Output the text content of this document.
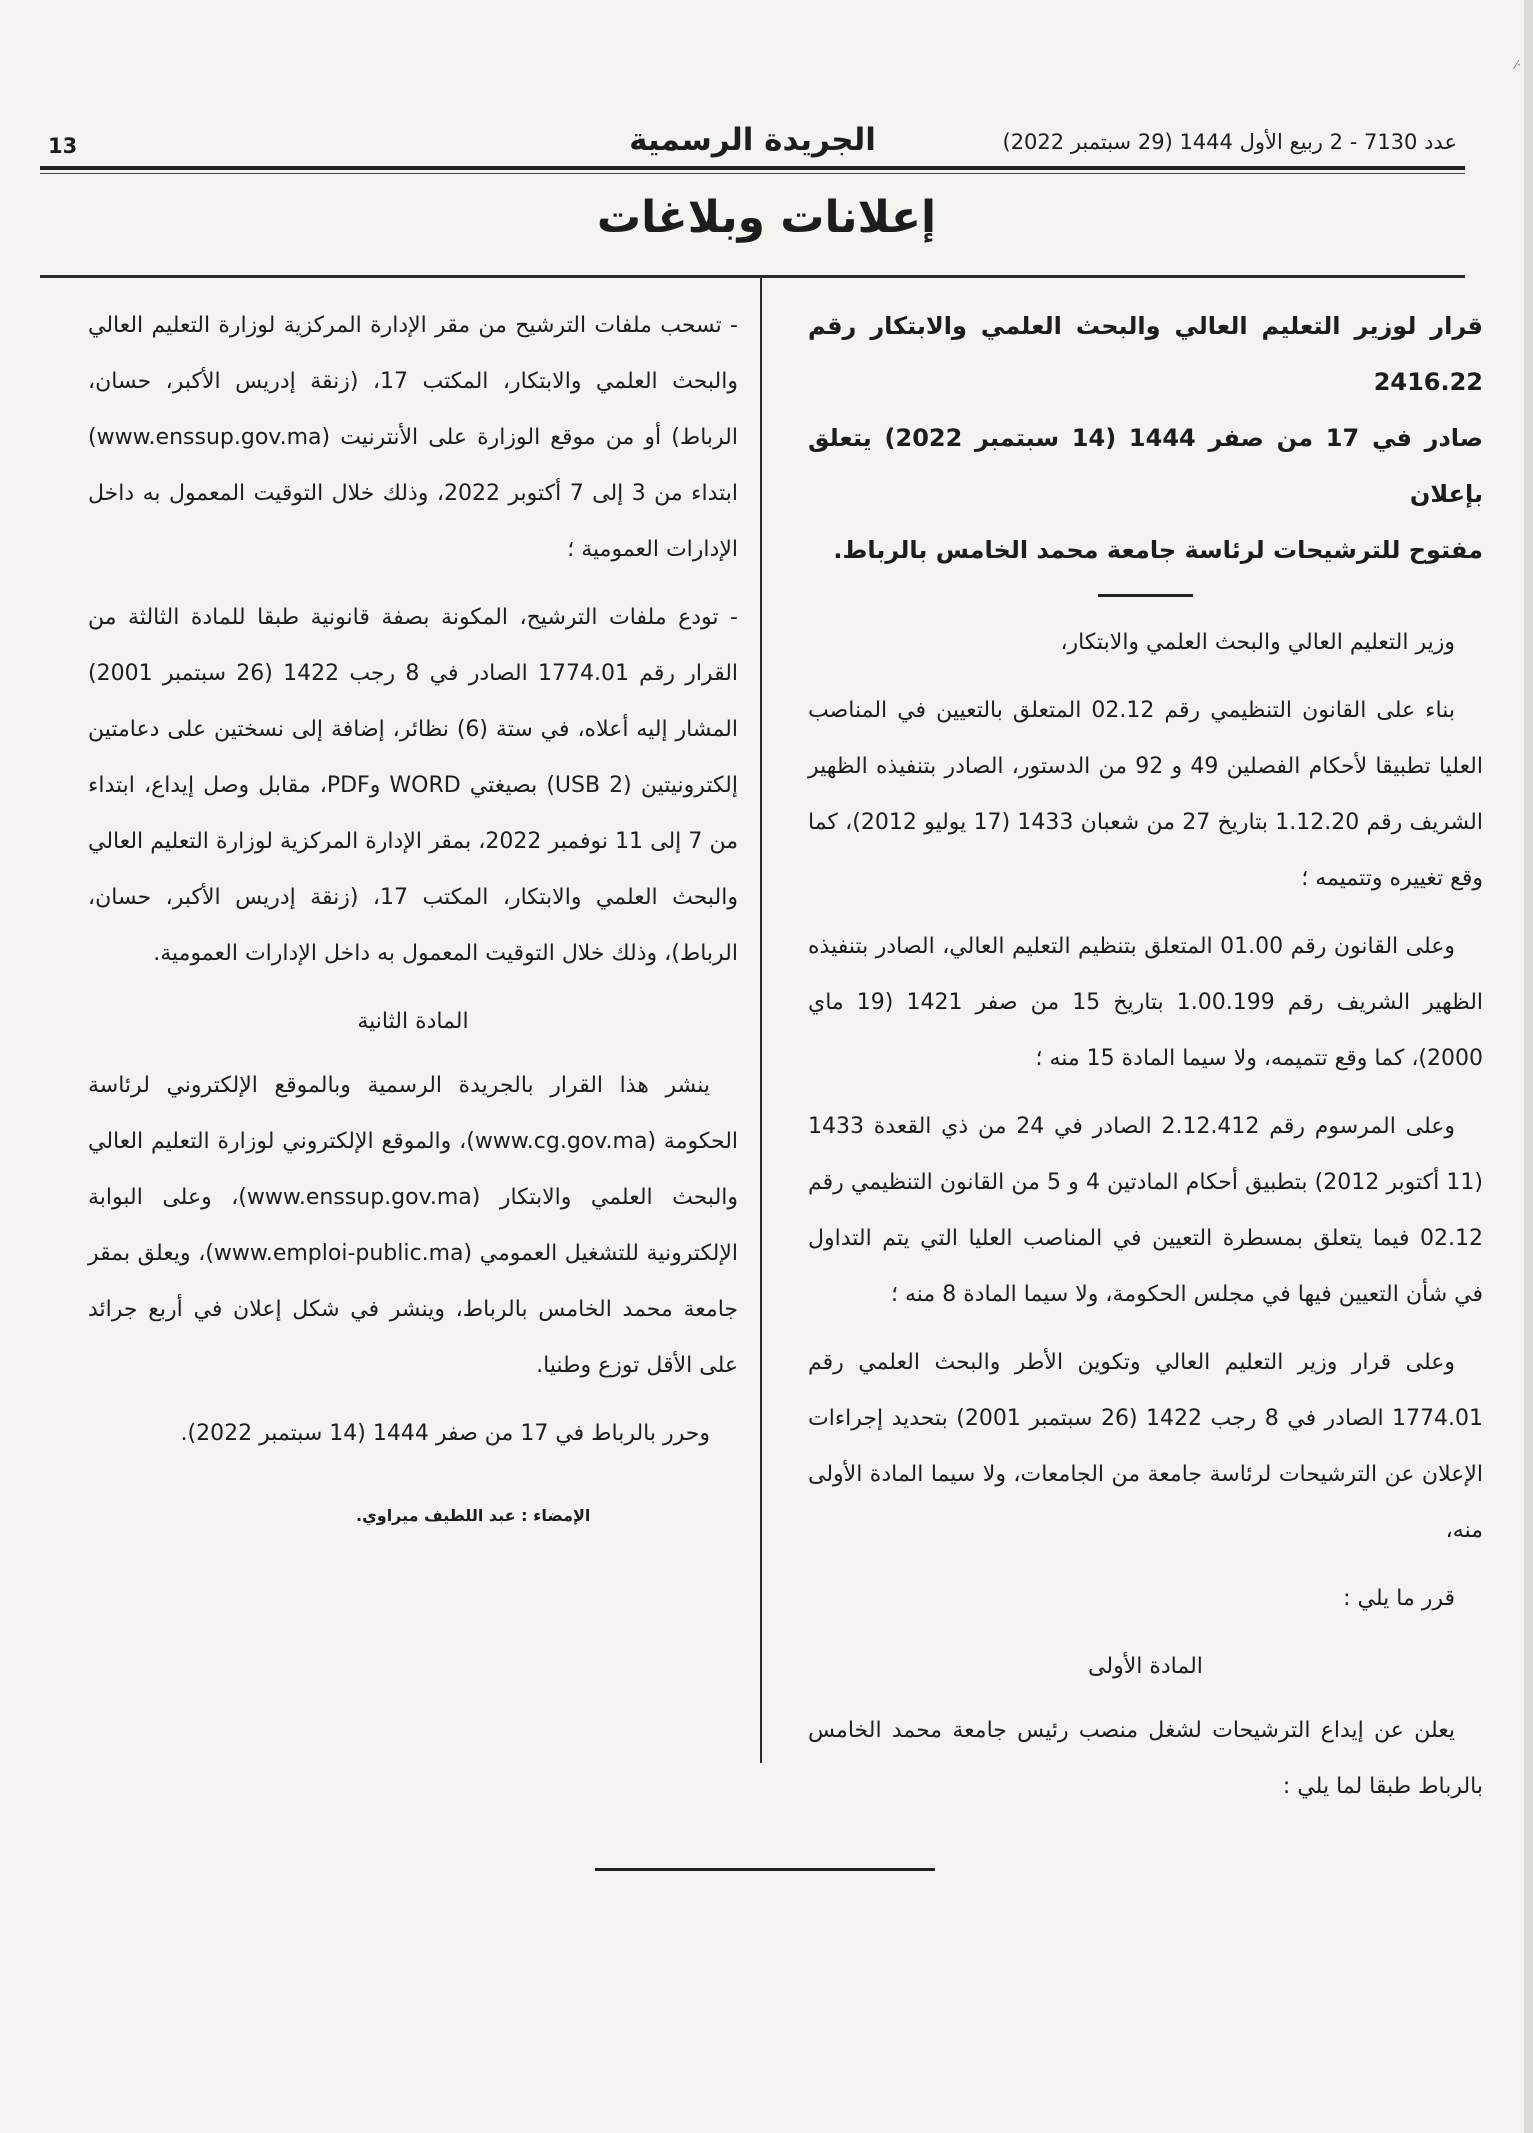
·⁄
13	الجريدة الرسمية	عدد 7130 - 2 ربيع الأول 1444 (29 سبتمبر 2022)
إعلانات وبلاغات
قرار لوزير التعليم العالي والبحث العلمي والابتكار رقم 2416.22
صادر في 17 من صفر 1444 (14 سبتمبر 2022) يتعلق بإعلان
مفتوح للترشيحات لرئاسة جامعة محمد الخامس بالرباط.

وزير التعليم العالي والبحث العلمي والابتكار،

بناء على القانون التنظيمي رقم 02.12 المتعلق بالتعيين في المناصب العليا تطبيقا لأحكام الفصلين 49 و 92 من الدستور، الصادر بتنفيذه الظهير الشريف رقم 1.12.20 بتاريخ 27 من شعبان 1433 (17 يوليو 2012)، كما وقع تغييره وتتميمه ؛

وعلى القانون رقم 01.00 المتعلق بتنظيم التعليم العالي، الصادر بتنفيذه الظهير الشريف رقم 1.00.199 بتاريخ 15 من صفر 1421 (19 ماي 2000)، كما وقع تتميمه، ولا سيما المادة 15 منه ؛

وعلى المرسوم رقم 2.12.412 الصادر في 24 من ذي القعدة 1433 (11 أكتوبر 2012) بتطبيق أحكام المادتين 4 و 5 من القانون التنظيمي رقم 02.12 فيما يتعلق بمسطرة التعيين في المناصب العليا التي يتم التداول في شأن التعيين فيها في مجلس الحكومة، ولا سيما المادة 8 منه ؛

وعلى قرار وزير التعليم العالي وتكوين الأطر والبحث العلمي رقم 1774.01 الصادر في 8 رجب 1422 (26 سبتمبر 2001) بتحديد إجراءات الإعلان عن الترشيحات لرئاسة جامعة من الجامعات، ولا سيما المادة الأولى منه،

قرر ما يلي :

المادة الأولى

يعلن عن إيداع الترشيحات لشغل منصب رئيس جامعة محمد الخامس بالرباط طبقا لما يلي :

- تسحب ملفات الترشيح من مقر الإدارة المركزية لوزارة التعليم العالي والبحث العلمي والابتكار، المكتب 17، (زنقة إدريس الأكبر، حسان، الرباط) أو من موقع الوزارة على الأنترنيت (www.enssup.gov.ma) ابتداء من 3 إلى 7 أكتوبر 2022، وذلك خلال التوقيت المعمول به داخل الإدارات العمومية ؛

- تودع ملفات الترشيح، المكونة بصفة قانونية طبقا للمادة الثالثة من القرار رقم 1774.01 الصادر في 8 رجب 1422 (26 سبتمبر 2001) المشار إليه أعلاه، في ستة (6) نظائر، إضافة إلى نسختين على دعامتين إلكترونيتين (2 USB) بصيغتي WORD وPDF، مقابل وصل إيداع، ابتداء من 7 إلى 11 نوفمبر 2022، بمقر الإدارة المركزية لوزارة التعليم العالي والبحث العلمي والابتكار، المكتب 17، (زنقة إدريس الأكبر، حسان، الرباط)، وذلك خلال التوقيت المعمول به داخل الإدارات العمومية.

المادة الثانية

ينشر هذا القرار بالجريدة الرسمية وبالموقع الإلكتروني لرئاسة الحكومة (www.cg.gov.ma)، والموقع الإلكتروني لوزارة التعليم العالي والبحث العلمي والابتكار (www.enssup.gov.ma)، وعلى البوابة الإلكترونية للتشغيل العمومي (www.emploi-public.ma)، ويعلق بمقر جامعة محمد الخامس بالرباط، وينشر في شكل إعلان في أربع جرائد على الأقل توزع وطنيا.

وحرر بالرباط في 17 من صفر 1444 (14 سبتمبر 2022).

الإمضاء : عبد اللطيف ميراوي.
